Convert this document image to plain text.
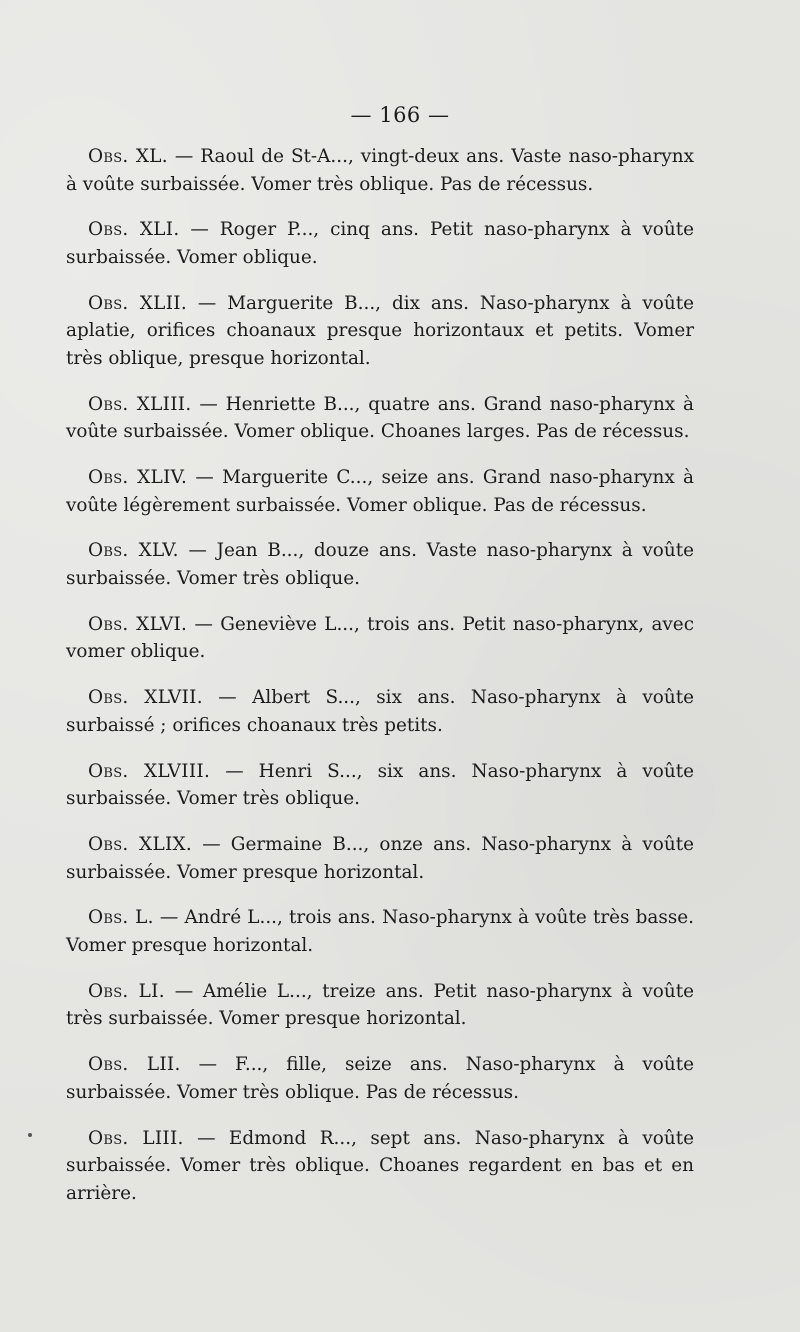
— 166 —

Obs. XL. — Raoul de St-A..., vingt-deux ans. Vaste naso-pharynx à voûte surbaissée. Vomer très oblique. Pas de récessus.

Obs. XLI. — Roger P..., cinq ans. Petit naso-pharynx à voûte surbaissée. Vomer oblique.

Obs. XLII. — Marguerite B..., dix ans. Naso-pharynx à voûte aplatie, orifices choanaux presque horizontaux et petits. Vomer très oblique, presque horizontal.

Obs. XLIII. — Henriette B..., quatre ans. Grand naso-pharynx à voûte surbaissée. Vomer oblique. Choanes larges. Pas de récessus.

Obs. XLIV. — Marguerite C..., seize ans. Grand naso-pharynx à voûte légèrement surbaissée. Vomer oblique. Pas de récessus.

Obs. XLV. — Jean B..., douze ans. Vaste naso-pharynx à voûte surbaissée. Vomer très oblique.

Obs. XLVI. — Geneviève L..., trois ans. Petit naso-pharynx, avec vomer oblique.

Obs. XLVII. — Albert S..., six ans. Naso-pharynx à voûte surbaissé ; orifices choanaux très petits.

Obs. XLVIII. — Henri S..., six ans. Naso-pharynx à voûte surbaissée. Vomer très oblique.

Obs. XLIX. — Germaine B..., onze ans. Naso-pharynx à voûte surbaissée. Vomer presque horizontal.

Obs. L. — André L..., trois ans. Naso-pharynx à voûte très basse. Vomer presque horizontal.

Obs. LI. — Amélie L..., treize ans. Petit naso-pharynx à voûte très surbaissée. Vomer presque horizontal.

Obs. LII. — F..., fille, seize ans. Naso-pharynx à voûte surbaissée. Vomer très oblique. Pas de récessus.

Obs. LIII. — Edmond R..., sept ans. Naso-pharynx à voûte surbaissée. Vomer très oblique. Choanes regardent en bas et en arrière.
